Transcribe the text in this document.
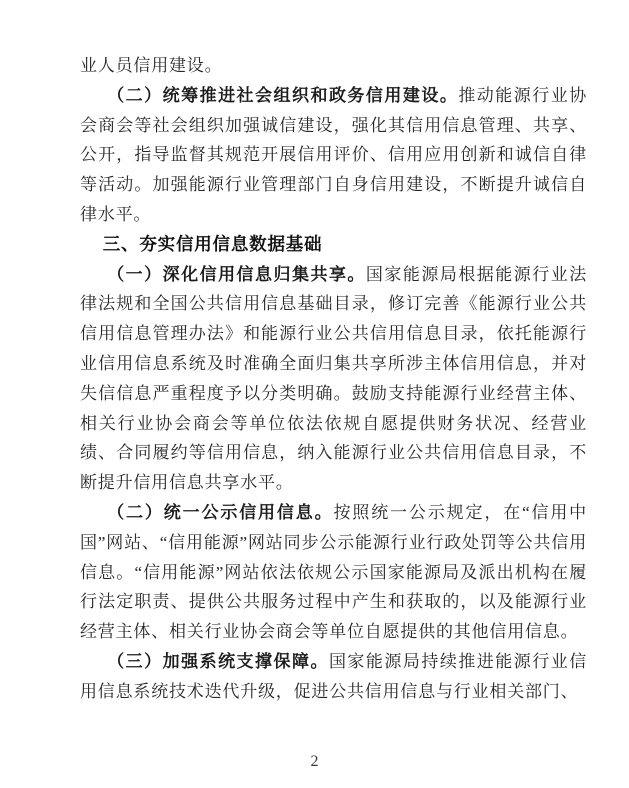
业人员信用建设。

（二）统筹推进社会组织和政务信用建设。推动能源行业协会商会等社会组织加强诚信建设，强化其信用信息管理、共享、公开，指导监督其规范开展信用评价、信用应用创新和诚信自律等活动。加强能源行业管理部门自身信用建设，不断提升诚信自律水平。

三、夯实信用信息数据基础

（一）深化信用信息归集共享。国家能源局根据能源行业法律法规和全国公共信用信息基础目录，修订完善《能源行业公共信用信息管理办法》和能源行业公共信用信息目录，依托能源行业信用信息系统及时准确全面归集共享所涉主体信用信息，并对失信信息严重程度予以分类明确。鼓励支持能源行业经营主体、相关行业协会商会等单位依法依规自愿提供财务状况、经营业绩、合同履约等信用信息，纳入能源行业公共信用信息目录，不断提升信用信息共享水平。

（二）统一公示信用信息。按照统一公示规定，在“信用中国”网站、“信用能源”网站同步公示能源行业行政处罚等公共信用信息。“信用能源”网站依法依规公示国家能源局及派出机构在履行法定职责、提供公共服务过程中产生和获取的，以及能源行业经营主体、相关行业协会商会等单位自愿提供的其他信用信息。

（三）加强系统支撑保障。国家能源局持续推进能源行业信用信息系统技术迭代升级，促进公共信用信息与行业相关部门、

2
